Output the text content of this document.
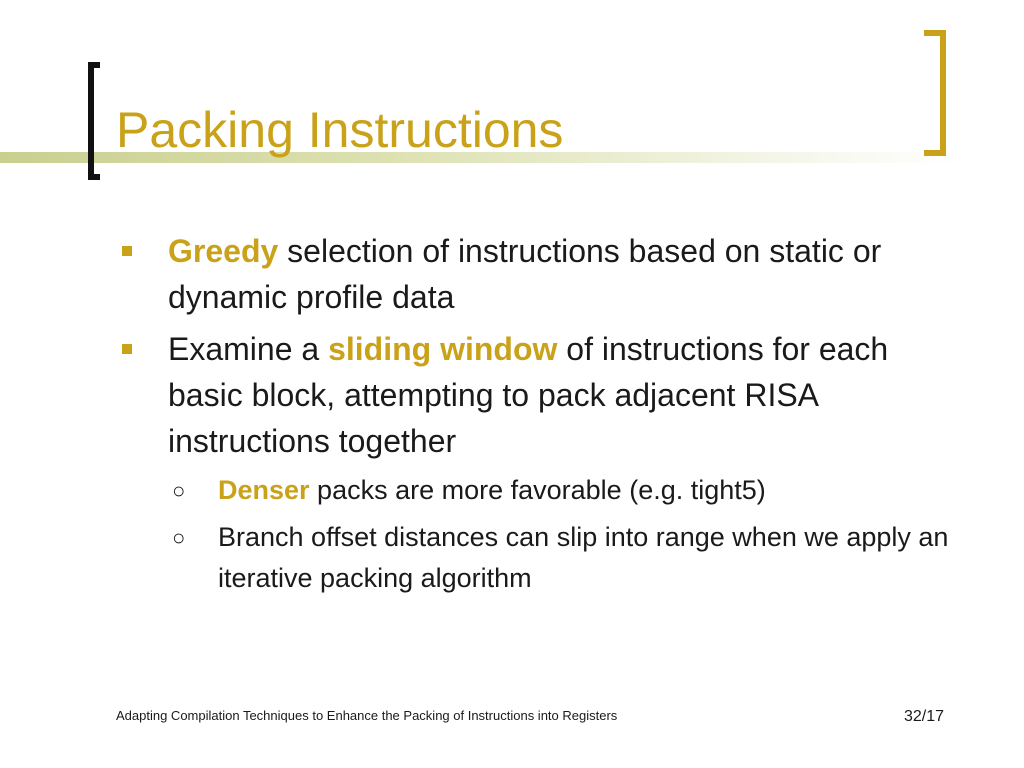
Packing Instructions
Greedy selection of instructions based on static or dynamic profile data
Examine a sliding window of instructions for each basic block, attempting to pack adjacent RISA instructions together
○ Denser packs are more favorable (e.g. tight5)
○ Branch offset distances can slip into range when we apply an iterative packing algorithm
Adapting Compilation Techniques to Enhance the Packing of Instructions into Registers	32/17
